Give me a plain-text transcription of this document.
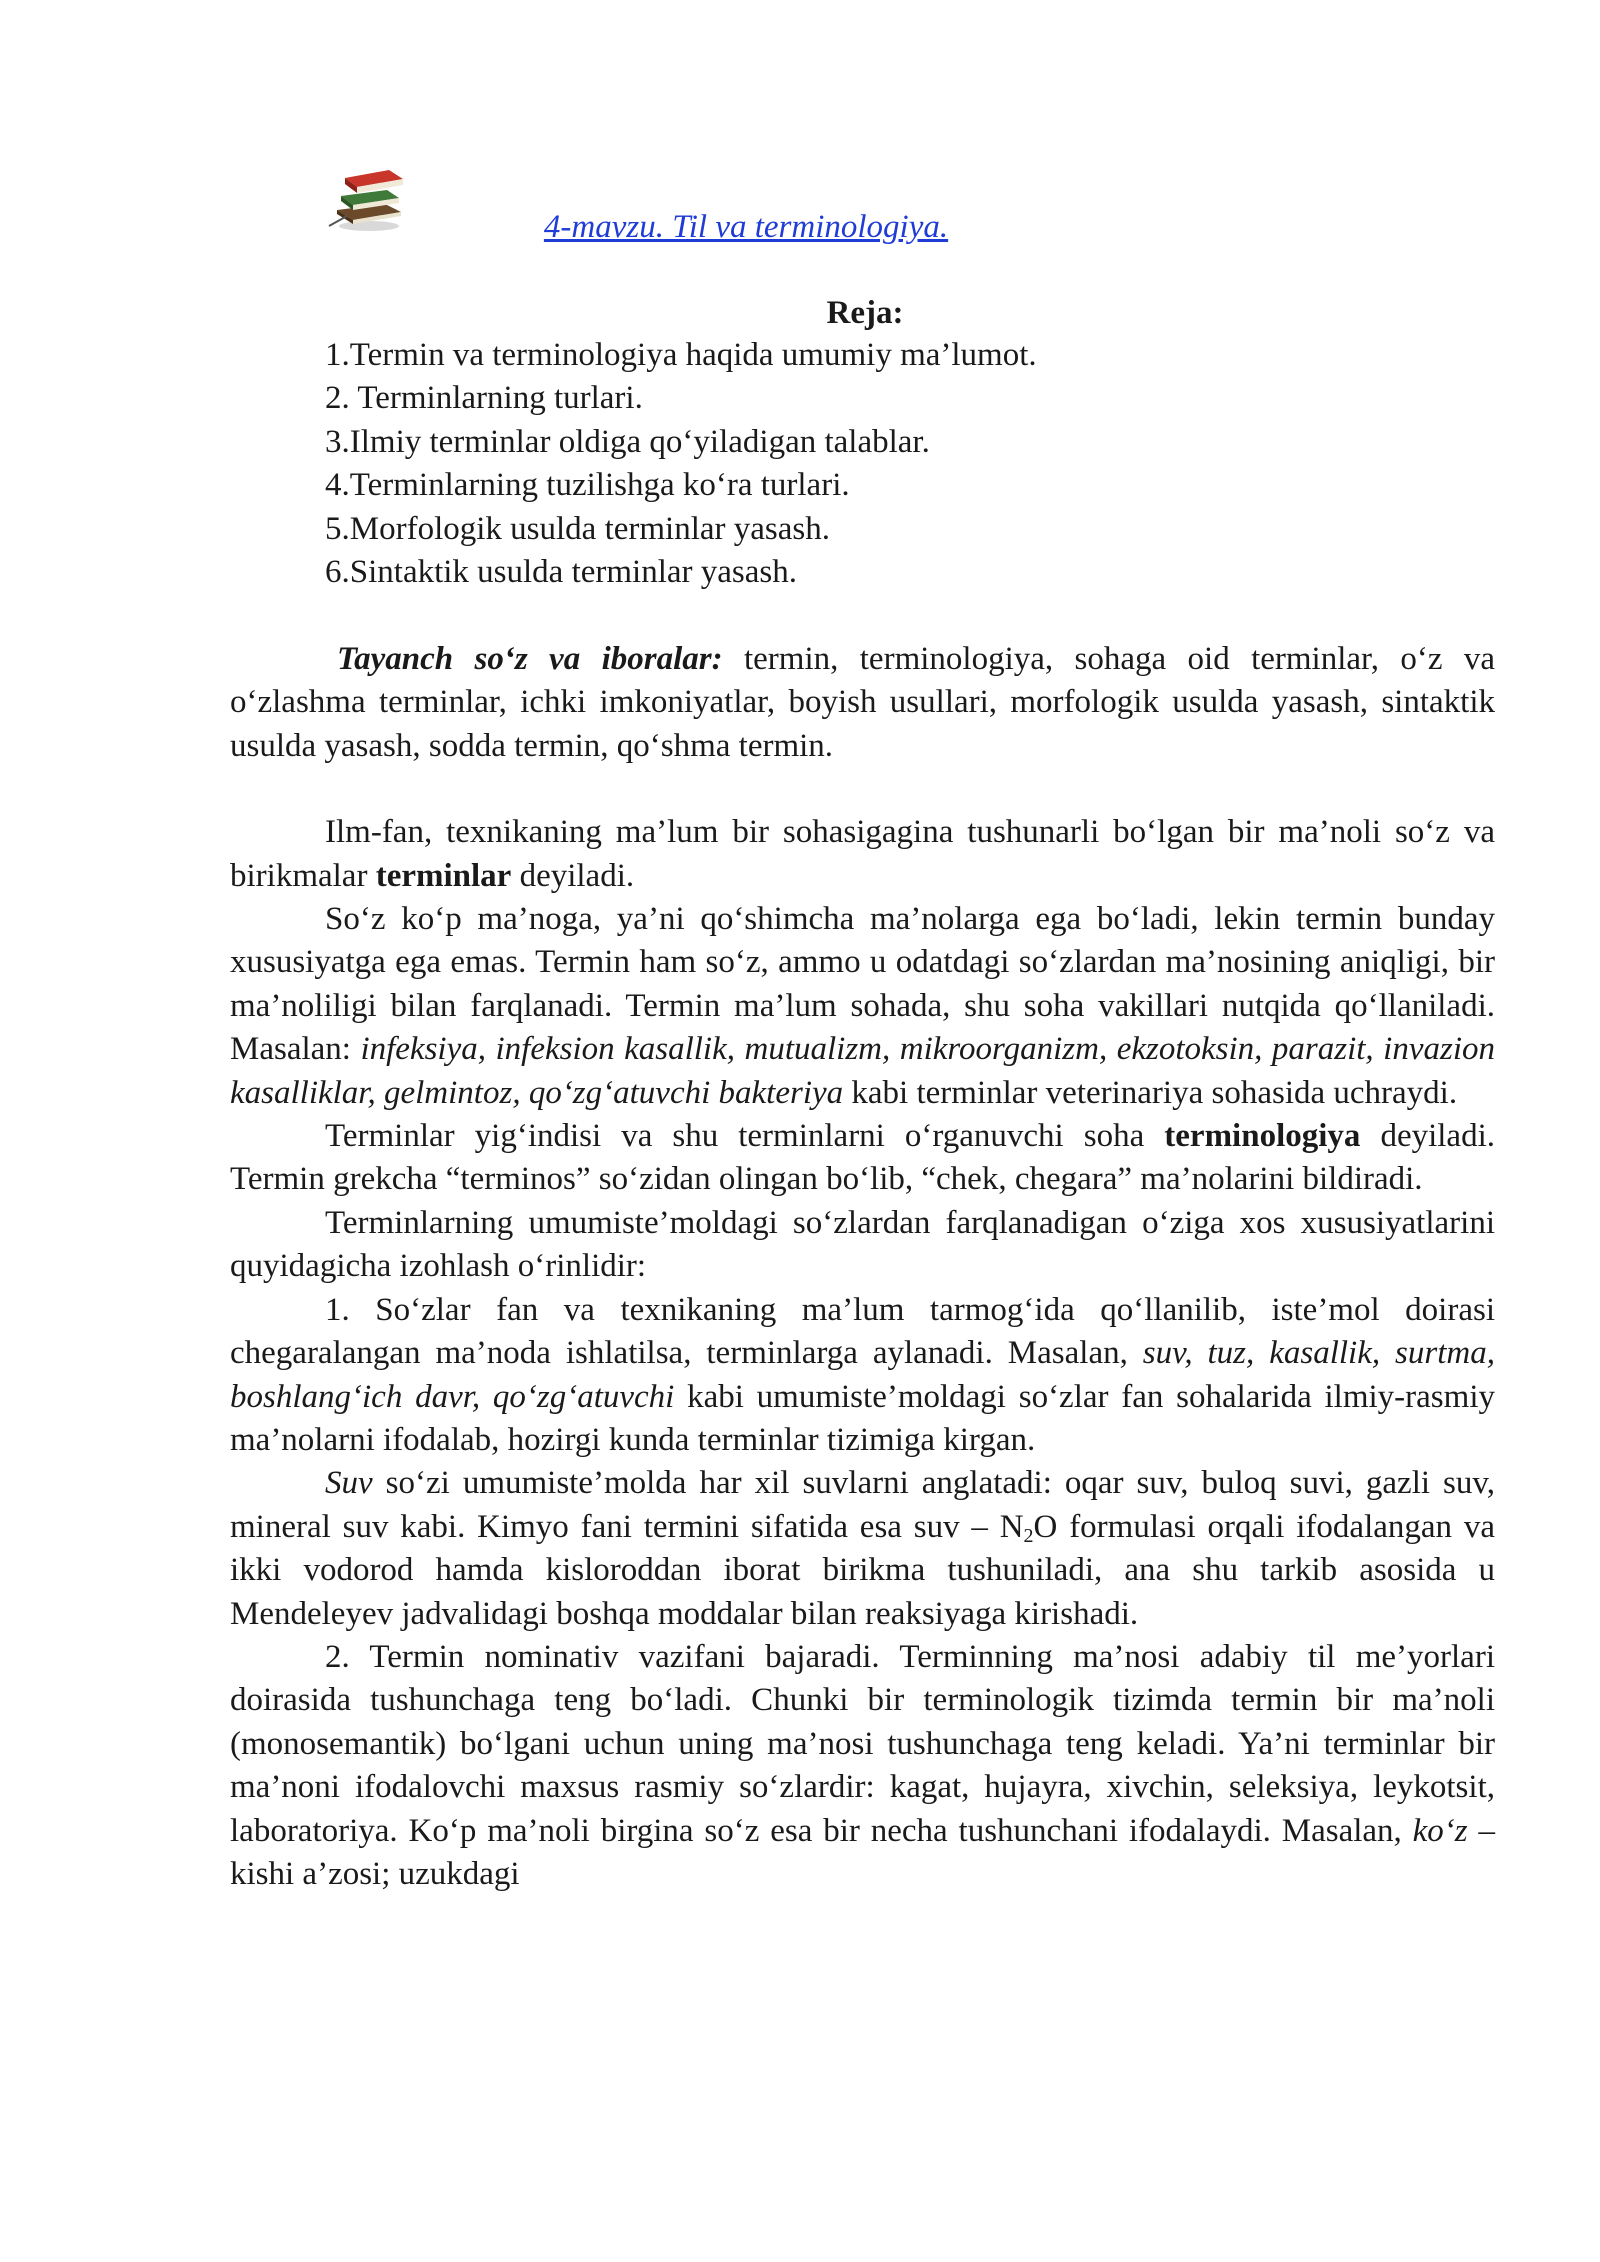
4-mavzu. Til va terminologiya.
Reja:
1.Termin va terminologiya haqida umumiy ma’lumot.
2. Terminlarning turlari.
3.Ilmiy terminlar oldiga qo‘yiladigan talablar.
4.Terminlarning tuzilishga ko‘ra turlari.
5.Morfologik usulda terminlar yasash.
6.Sintaktik usulda terminlar yasash.

Tayanch so‘z va iboralar: termin, terminologiya, sohaga oid terminlar, o‘z va o‘zlashma terminlar, ichki imkoniyatlar, boyish usullari, morfologik usulda yasash, sintaktik usulda yasash, sodda termin, qo‘shma termin.

Ilm-fan, texnikaning ma’lum bir sohasigagina tushunarli bo‘lgan bir ma’noli so‘z va birikmalar terminlar deyiladi.

So‘z ko‘p ma’noga, ya’ni qo‘shimcha ma’nolarga ega bo‘ladi, lekin termin bunday xususiyatga ega emas. Termin ham so‘z, ammo u odatdagi so‘zlardan ma’nosining aniqligi, bir ma’noliligi bilan farqlanadi. Termin ma’lum sohada, shu soha vakillari nutqida qo‘llaniladi. Masalan: infeksiya, infeksion kasallik, mutualizm, mikroorganizm, ekzotoksin, parazit, invazion kasalliklar, gelmintoz, qo‘zg‘atuvchi bakteriya kabi terminlar veterinariya sohasida uchraydi.

Terminlar yig‘indisi va shu terminlarni o‘rganuvchi soha terminologiya deyiladi. Termin grekcha “terminos” so‘zidan olingan bo‘lib, “chek, chegara” ma’nolarini bildiradi.

Terminlarning umumiste’moldagi so‘zlardan farqlanadigan o‘ziga xos xususiyatlarini quyidagicha izohlash o‘rinlidir:

1. So‘zlar fan va texnikaning ma’lum tarmog‘ida qo‘llanilib, iste’mol doirasi chegaralangan ma’noda ishlatilsa, terminlarga aylanadi. Masalan, suv, tuz, kasallik, surtma, boshlang‘ich davr, qo‘zg‘atuvchi kabi umumiste’moldagi so‘zlar fan sohalarida ilmiy-rasmiy ma’nolarni ifodalab, hozirgi kunda terminlar tizimiga kirgan.

Suv so‘zi umumiste’molda har xil suvlarni anglatadi: oqar suv, buloq suvi, gazli suv, mineral suv kabi. Kimyo fani termini sifatida esa suv – $N_2O$ formulasi orqali ifodalangan va ikki vodorod hamda kisloroddan iborat birikma tushuniladi, ana shu tarkib asosida u Mendeleyev jadvalidagi boshqa moddalar bilan reaksiyaga kirishadi.

2. Termin nominativ vazifani bajaradi. Terminning ma’nosi adabiy til me’yorlari doirasida tushunchaga teng bo‘ladi. Chunki bir terminologik tizimda termin bir ma’noli (monosemantik) bo‘lgani uchun uning ma’nosi tushunchaga teng keladi. Ya’ni terminlar bir ma’noni ifodalovchi maxsus rasmiy so‘zlardir: kagat, hujayra, xivchin, seleksiya, leykotsit, laboratoriya. Ko‘p ma’noli birgina so‘z esa bir necha tushunchani ifodalaydi. Masalan, ko‘z – kishi a’zosi; uzukdagi
